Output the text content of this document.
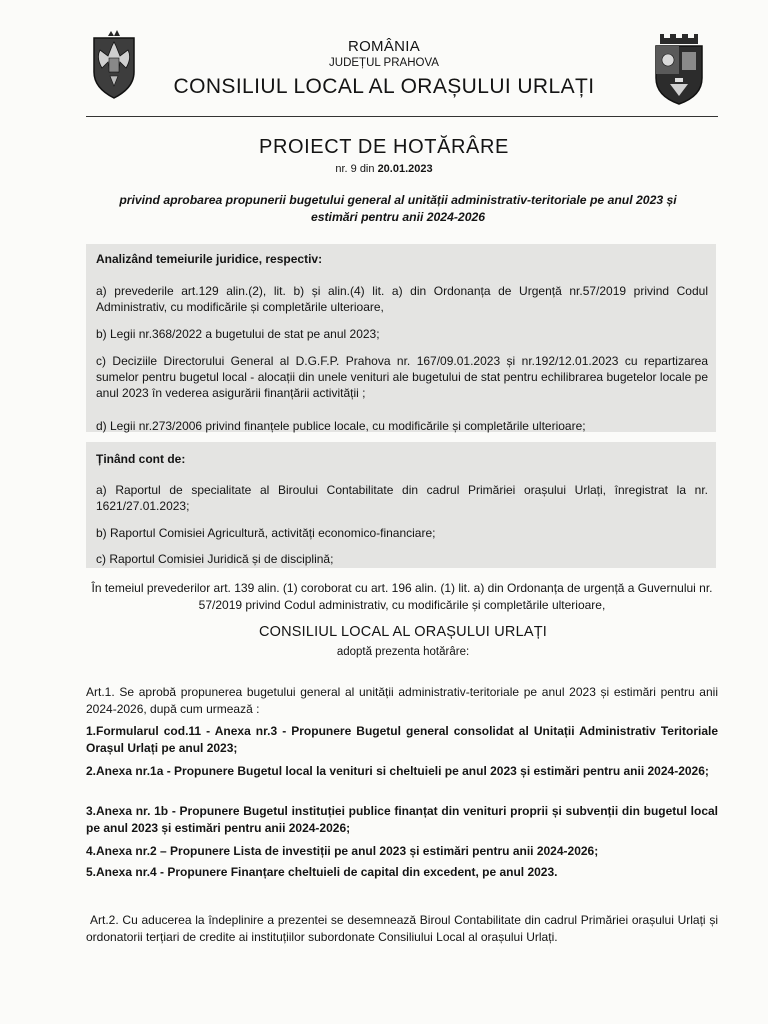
ROMÂNIA
JUDEȚUL PRAHOVA
CONSILIUL LOCAL AL ORAȘULUI URLAȚI
PROIECT DE HOTĂRÂRE
nr. 9 din 20.01.2023
privind aprobarea propunerii bugetului general al unității administrativ-teritoriale pe anul 2023 și
estimări pentru anii 2024-2026
Analizând temeiurile juridice, respectiv:
a) prevederile art.129 alin.(2), lit. b) și alin.(4) lit. a) din Ordonanța de Urgență nr.57/2019 privind Codul Administrativ, cu modificările și completările ulterioare,
b) Legii nr.368/2022 a bugetului de stat pe anul 2023;
c) Deciziile Directorului General al D.G.F.P. Prahova nr. 167/09.01.2023 și nr.192/12.01.2023 cu repartizarea sumelor pentru bugetul local - alocații din unele venituri ale bugetului de stat pentru echilibrarea bugetelor locale pe anul 2023 în vederea asigurării finanțării activității ;
d) Legii nr.273/2006 privind finanțele publice locale, cu modificările și completările ulterioare;
Ținând cont de:
a) Raportul de specialitate al Biroului Contabilitate din cadrul Primăriei orașului Urlați, înregistrat la nr. 1621/27.01.2023;
b) Raportul Comisiei Agricultură, activități economico-financiare;
c) Raportul Comisiei Juridică și de disciplină;
În temeiul prevederilor art. 139 alin. (1) coroborat cu art. 196 alin. (1) lit. a) din Ordonanța de urgență a Guvernului nr. 57/2019 privind Codul administrativ, cu modificările și completările ulterioare,
CONSILIUL LOCAL AL ORAȘULUI URLAȚI
adoptă prezenta hotărâre:
Art.1. Se aprobă propunerea bugetului general al unității administrativ-teritoriale pe anul 2023 și estimări pentru anii 2024-2026, după cum urmează :
1.Formularul cod.11 - Anexa nr.3 - Propunere Bugetul general consolidat al Unitații Administrativ Teritoriale Orașul Urlați pe anul 2023;
2.Anexa nr.1a - Propunere Bugetul local la venituri si cheltuieli pe anul 2023 și estimări pentru anii 2024-2026;
3.Anexa nr. 1b - Propunere Bugetul instituției publice finanțat din venituri proprii și subvenții din bugetul local pe anul 2023 și estimări pentru anii 2024-2026;
4.Anexa nr.2 – Propunere Lista de investiții pe anul 2023 și estimări pentru anii 2024-2026;
5.Anexa nr.4 - Propunere Finanțare cheltuieli de capital din excedent, pe anul 2023.
Art.2. Cu aducerea la îndeplinire a prezentei se desemnează Biroul Contabilitate din cadrul Primăriei orașului Urlați și ordonatorii terțiari de credite ai instituțiilor subordonate Consiliului Local al orașului Urlați.
